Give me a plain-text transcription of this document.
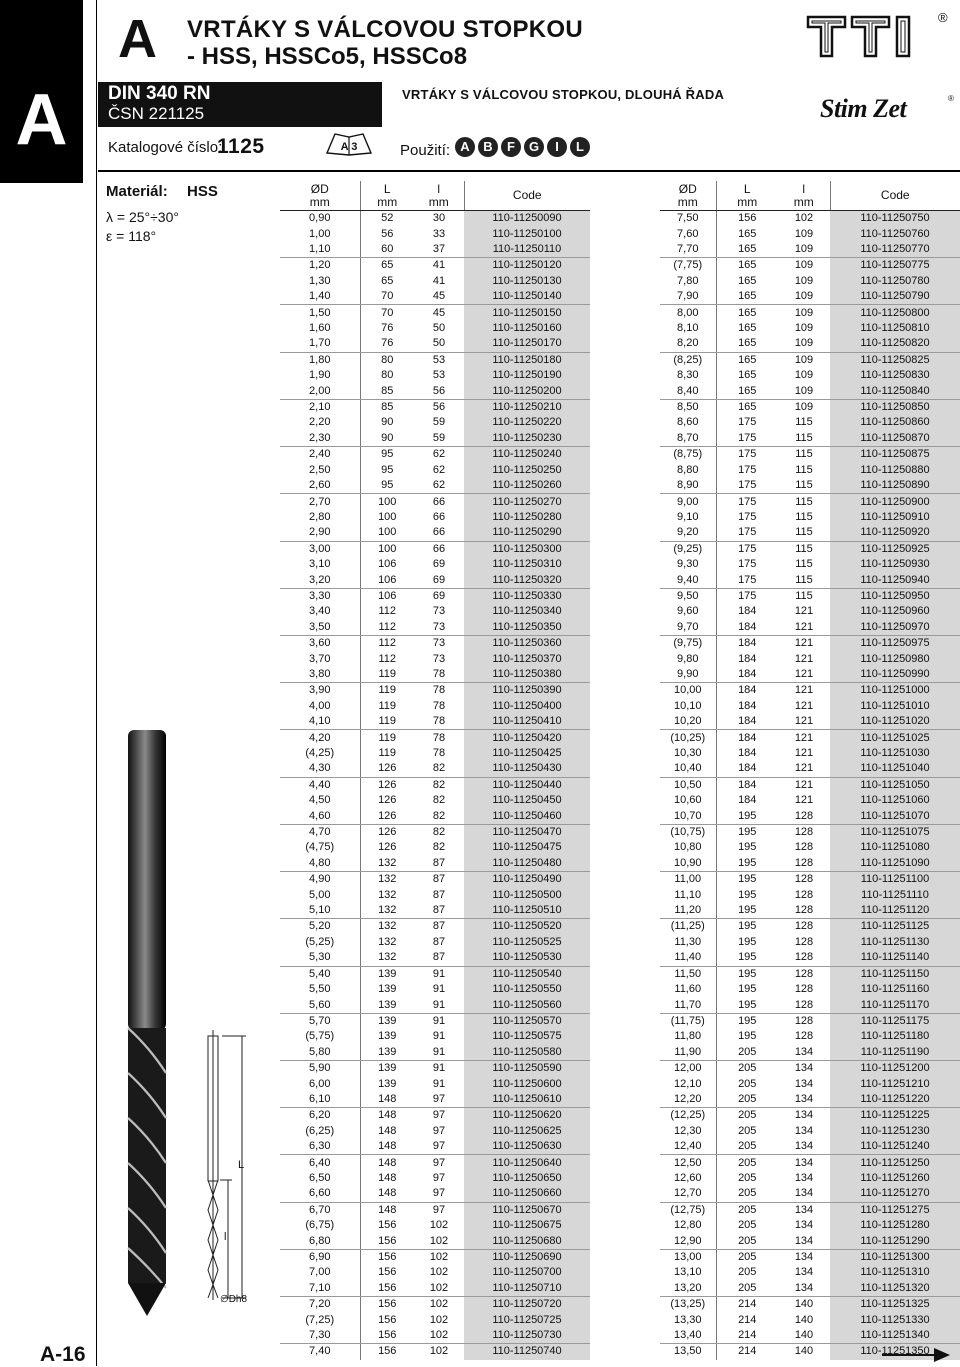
A
A-16
A VRTÁKY S VÁLCOVOU STOPKOU
- HSS, HSSCo5, HSSCo8
DIN 340 RN
ČSN 221125
VRTÁKY S VÁLCOVOU STOPKOU, DLOUHÁ ŘADA
Katalogové číslo:
1125	A 3	Použití: A	B	F	G	I	L
®
Stim Zet	®
Materiál: HSS
λ = 25°÷30°
ε = 118°
ØD
mm	L
mm	l
mm	Code
0,90	52	30	110-11250090
1,00	56	33	110-11250100
1,10	60	37	110-11250110
1,20	65	41	110-11250120
1,30	65	41	110-11250130
1,40	70	45	110-11250140
1,50	70	45	110-11250150
1,60	76	50	110-11250160
1,70	76	50	110-11250170
1,80	80	53	110-11250180
1,90	80	53	110-11250190
2,00	85	56	110-11250200
2,10	85	56	110-11250210
2,20	90	59	110-11250220
2,30	90	59	110-11250230
2,40	95	62	110-11250240
2,50	95	62	110-11250250
2,60	95	62	110-11250260
2,70	100	66	110-11250270
2,80	100	66	110-11250280
2,90	100	66	110-11250290
3,00	100	66	110-11250300
3,10	106	69	110-11250310
3,20	106	69	110-11250320
3,30	106	69	110-11250330
3,40	112	73	110-11250340
3,50	112	73	110-11250350
3,60	112	73	110-11250360
3,70	112	73	110-11250370
3,80	119	78	110-11250380
3,90	119	78	110-11250390
4,00	119	78	110-11250400
4,10	119	78	110-11250410
4,20	119	78	110-11250420
(4,25)	119	78	110-11250425
4,30	126	82	110-11250430
4,40	126	82	110-11250440
4,50	126	82	110-11250450
4,60	126	82	110-11250460
4,70	126	82	110-11250470
(4,75)	126	82	110-11250475
4,80	132	87	110-11250480
4,90	132	87	110-11250490
5,00	132	87	110-11250500
5,10	132	87	110-11250510
5,20	132	87	110-11250520
(5,25)	132	87	110-11250525
5,30	132	87	110-11250530
5,40	139	91	110-11250540
5,50	139	91	110-11250550
5,60	139	91	110-11250560
5,70	139	91	110-11250570
(5,75)	139	91	110-11250575
5,80	139	91	110-11250580
5,90	139	91	110-11250590
6,00	139	91	110-11250600
6,10	148	97	110-11250610
6,20	148	97	110-11250620
(6,25)	148	97	110-11250625
6,30	148	97	110-11250630
6,40	148	97	110-11250640
6,50	148	97	110-11250650
6,60	148	97	110-11250660
6,70	148	97	110-11250670
(6,75)	156	102	110-11250675
6,80	156	102	110-11250680
6,90	156	102	110-11250690
7,00	156	102	110-11250700
7,10	156	102	110-11250710
7,20	156	102	110-11250720
(7,25)	156	102	110-11250725
7,30	156	102	110-11250730
7,40	156	102	110-11250740
ØD
mm	L
mm	l
mm	Code
7,50	156	102	110-11250750
7,60	165	109	110-11250760
7,70	165	109	110-11250770
(7,75)	165	109	110-11250775
7,80	165	109	110-11250780
7,90	165	109	110-11250790
8,00	165	109	110-11250800
8,10	165	109	110-11250810
8,20	165	109	110-11250820
(8,25)	165	109	110-11250825
8,30	165	109	110-11250830
8,40	165	109	110-11250840
8,50	165	109	110-11250850
8,60	175	115	110-11250860
8,70	175	115	110-11250870
(8,75)	175	115	110-11250875
8,80	175	115	110-11250880
8,90	175	115	110-11250890
9,00	175	115	110-11250900
9,10	175	115	110-11250910
9,20	175	115	110-11250920
(9,25)	175	115	110-11250925
9,30	175	115	110-11250930
9,40	175	115	110-11250940
9,50	175	115	110-11250950
9,60	184	121	110-11250960
9,70	184	121	110-11250970
(9,75)	184	121	110-11250975
9,80	184	121	110-11250980
9,90	184	121	110-11250990
10,00	184	121	110-11251000
10,10	184	121	110-11251010
10,20	184	121	110-11251020
(10,25)	184	121	110-11251025
10,30	184	121	110-11251030
10,40	184	121	110-11251040
10,50	184	121	110-11251050
10,60	184	121	110-11251060
10,70	195	128	110-11251070
(10,75)	195	128	110-11251075
10,80	195	128	110-11251080
10,90	195	128	110-11251090
11,00	195	128	110-11251100
11,10	195	128	110-11251110
11,20	195	128	110-11251120
(11,25)	195	128	110-11251125
11,30	195	128	110-11251130
11,40	195	128	110-11251140
11,50	195	128	110-11251150
11,60	195	128	110-11251160
11,70	195	128	110-11251170
(11,75)	195	128	110-11251175
11,80	195	128	110-11251180
11,90	205	134	110-11251190
12,00	205	134	110-11251200
12,10	205	134	110-11251210
12,20	205	134	110-11251220
(12,25)	205	134	110-11251225
12,30	205	134	110-11251230
12,40	205	134	110-11251240
12,50	205	134	110-11251250
12,60	205	134	110-11251260
12,70	205	134	110-11251270
(12,75)	205	134	110-11251275
12,80	205	134	110-11251280
12,90	205	134	110-11251290
13,00	205	134	110-11251300
13,10	205	134	110-11251310
13,20	205	134	110-11251320
(13,25)	214	140	110-11251325
13,30	214	140	110-11251330
13,40	214	140	110-11251340
13,50	214	140	110-11251350
L
l
∅Dh8
